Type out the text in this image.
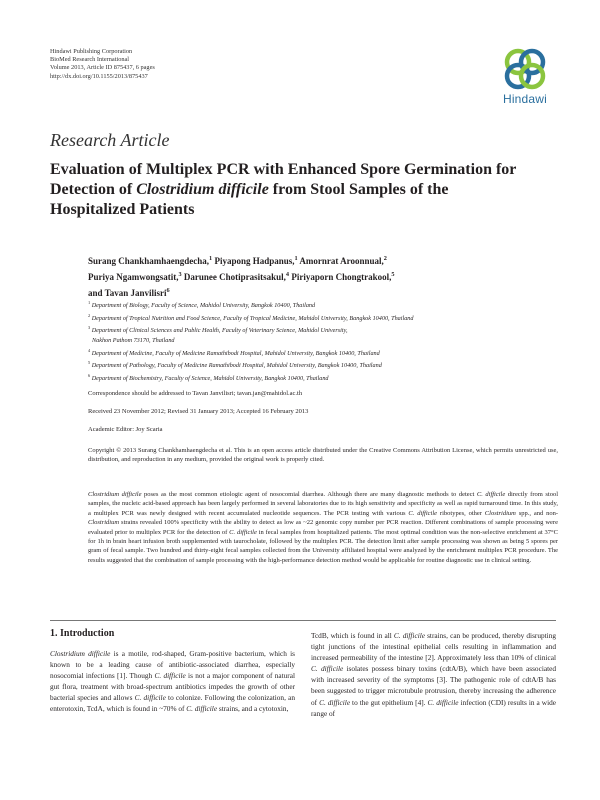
Hindawi Publishing Corporation
BioMed Research International
Volume 2013, Article ID 875437, 6 pages
http://dx.doi.org/10.1155/2013/875437
Hindawi
Research Article
Evaluation of Multiplex PCR with Enhanced Spore Germination for Detection of Clostridium difficile from Stool Samples of the Hospitalized Patients
Surang Chankhamhaengdecha,$^1$ Piyapong Hadpanus,$^1$ Amornrat Aroonnual,$^2$
Puriya Ngamwongsatit,$^3$ Darunee Chotiprasitsakul,$^4$ Piriyaporn Chongtrakool,$^5$
and Tavan Janvilisri$^6$
$^1$ Department of Biology, Faculty of Science, Mahidol University, Bangkok 10400, Thailand
$^2$ Department of Tropical Nutrition and Food Science, Faculty of Tropical Medicine, Mahidol University, Bangkok 10400, Thailand
$^3$ Department of Clinical Sciences and Public Health, Faculty of Veterinary Science, Mahidol University,
Nakhon Pathom 73170, Thailand
$^4$ Department of Medicine, Faculty of Medicine Ramathibodi Hospital, Mahidol University, Bangkok 10400, Thailand
$^5$ Department of Pathology, Faculty of Medicine Ramathibodi Hospital, Mahidol University, Bangkok 10400, Thailand
$^6$ Department of Biochemistry, Faculty of Science, Mahidol University, Bangkok 10400, Thailand
Correspondence should be addressed to Tavan Janvilisri; tavan.jan@mahidol.ac.th
Received 23 November 2012; Revised 31 January 2013; Accepted 16 February 2013
Academic Editor: Joy Scaria

Copyright © 2013 Surang Chankhamhaengdecha et al. This is an open access article distributed under the Creative Commons Attribution License, which permits unrestricted use, distribution, and reproduction in any medium, provided the original work is properly cited.

Clostridium difficile poses as the most common etiologic agent of nosocomial diarrhea. Although there are many diagnostic methods to detect C. difficile directly from stool samples, the nucleic acid-based approach has been largely performed in several laboratories due to its high sensitivity and specificity as well as rapid turnaround time. In this study, a multiplex PCR was newly designed with recent accumulated nucleotide sequences. The PCR testing with various C. difficile ribotypes, other Clostridium spp., and non-Clostridium strains revealed 100% specificity with the ability to detect as low as ~22 genomic copy number per PCR reaction. Different combinations of sample processing were evaluated prior to multiplex PCR for the detection of C. difficile in fecal samples from hospitalized patients. The most optimal condition was the non-selective enrichment at 37°C for 1h in brain heart infusion broth supplemented with taurocholate, followed by the multiplex PCR. The detection limit after sample processing was shown as being 5 spores per gram of fecal sample. Two hundred and thirty-eight fecal samples collected from the University affiliated hospital were analyzed by the enrichment multiplex PCR procedure. The results suggested that the combination of sample processing with the high-performance detection method would be applicable for routine diagnostic use in clinical setting.

1. Introduction

Clostridium difficile is a motile, rod-shaped, Gram-positive bacterium, which is known to be a leading cause of antibiotic-associated diarrhea, especially nosocomial infections [1]. Though C. difficile is not a major component of natural gut flora, treatment with broad-spectrum antibiotics impedes the growth of other bacterial species and allows C. difficile to colonize. Following the colonization, an enterotoxin, TcdA, which is found in ~70% of C. difficile strains, and a cytotoxin,

TcdB, which is found in all C. difficile strains, can be produced, thereby disrupting tight junctions of the intestinal epithelial cells resulting in inflammation and increased permeability of the intestine [2]. Approximately less than 10% of clinical C. difficile isolates possess binary toxins (cdtA/B), which have been associated with increased severity of the symptoms [3]. The pathogenic role of cdtA/B has been suggested to trigger microtubule protrusion, thereby increasing the adherence of C. difficile to the gut epithelium [4]. C. difficile infection (CDI) results in a wide range of
